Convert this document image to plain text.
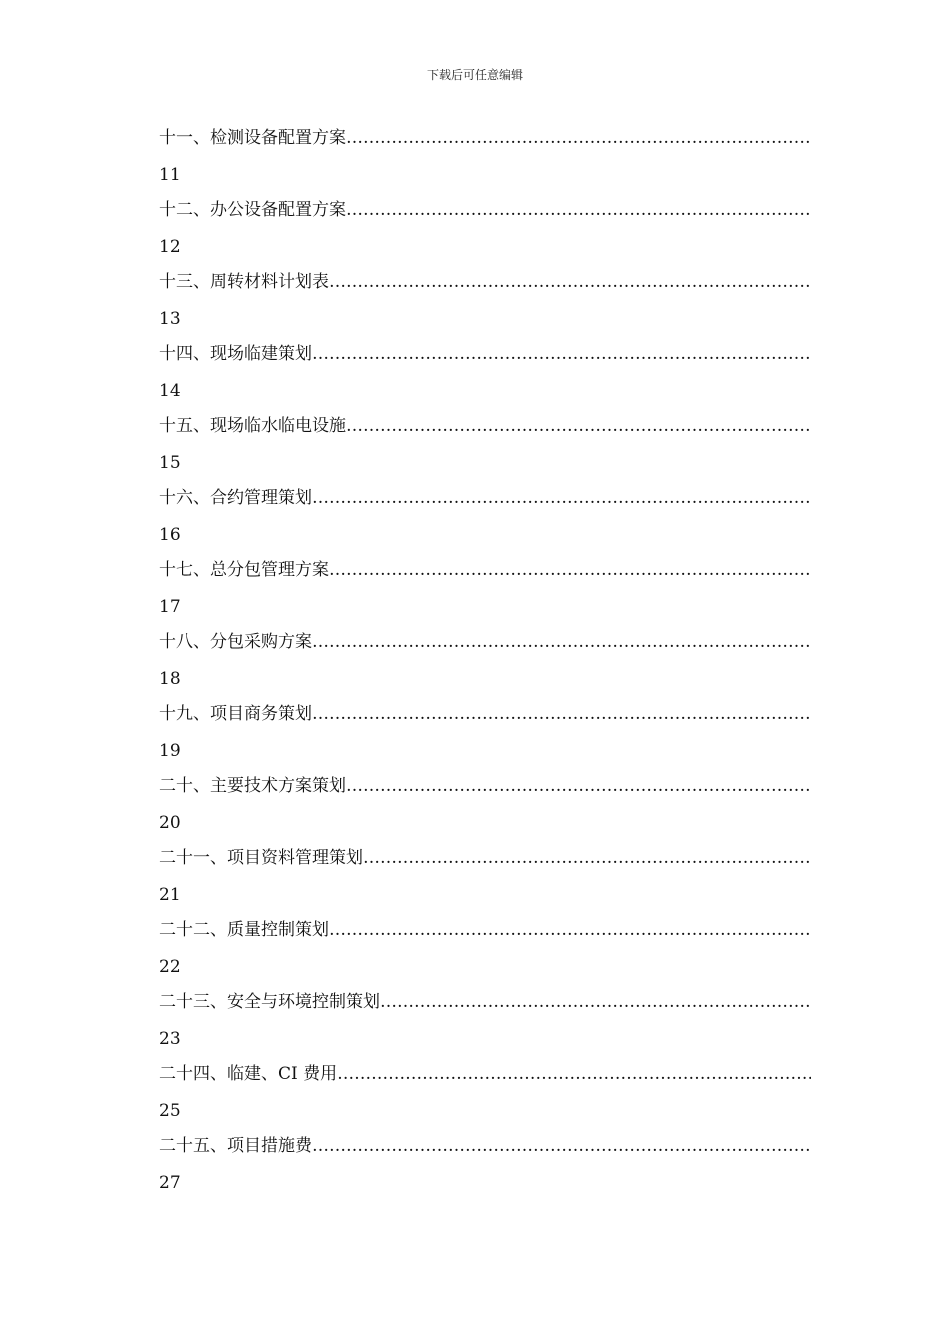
下载后可任意编辑
十一、检测设备配置方案
…………………………………………………………………………………………………………………………………………………………………………………
11
十二、办公设备配置方案
…………………………………………………………………………………………………………………………………………………………………………………
12
十三、周转材料计划表
…………………………………………………………………………………………………………………………………………………………………………………
13
十四、现场临建策划
…………………………………………………………………………………………………………………………………………………………………………………
14
十五、现场临水临电设施
…………………………………………………………………………………………………………………………………………………………………………………
15
十六、合约管理策划
…………………………………………………………………………………………………………………………………………………………………………………
16
十七、总分包管理方案
…………………………………………………………………………………………………………………………………………………………………………………
17
十八、分包采购方案
…………………………………………………………………………………………………………………………………………………………………………………
18
十九、项目商务策划
…………………………………………………………………………………………………………………………………………………………………………………
19
二十、主要技术方案策划
…………………………………………………………………………………………………………………………………………………………………………………
20
二十一、项目资料管理策划
…………………………………………………………………………………………………………………………………………………………………………………
21
二十二、质量控制策划
…………………………………………………………………………………………………………………………………………………………………………………
22
二十三、安全与环境控制策划
…………………………………………………………………………………………………………………………………………………………………………………
23
二十四、临建、CI 费用
…………………………………………………………………………………………………………………………………………………………………………………
25
二十五、项目措施费
…………………………………………………………………………………………………………………………………………………………………………………
27
